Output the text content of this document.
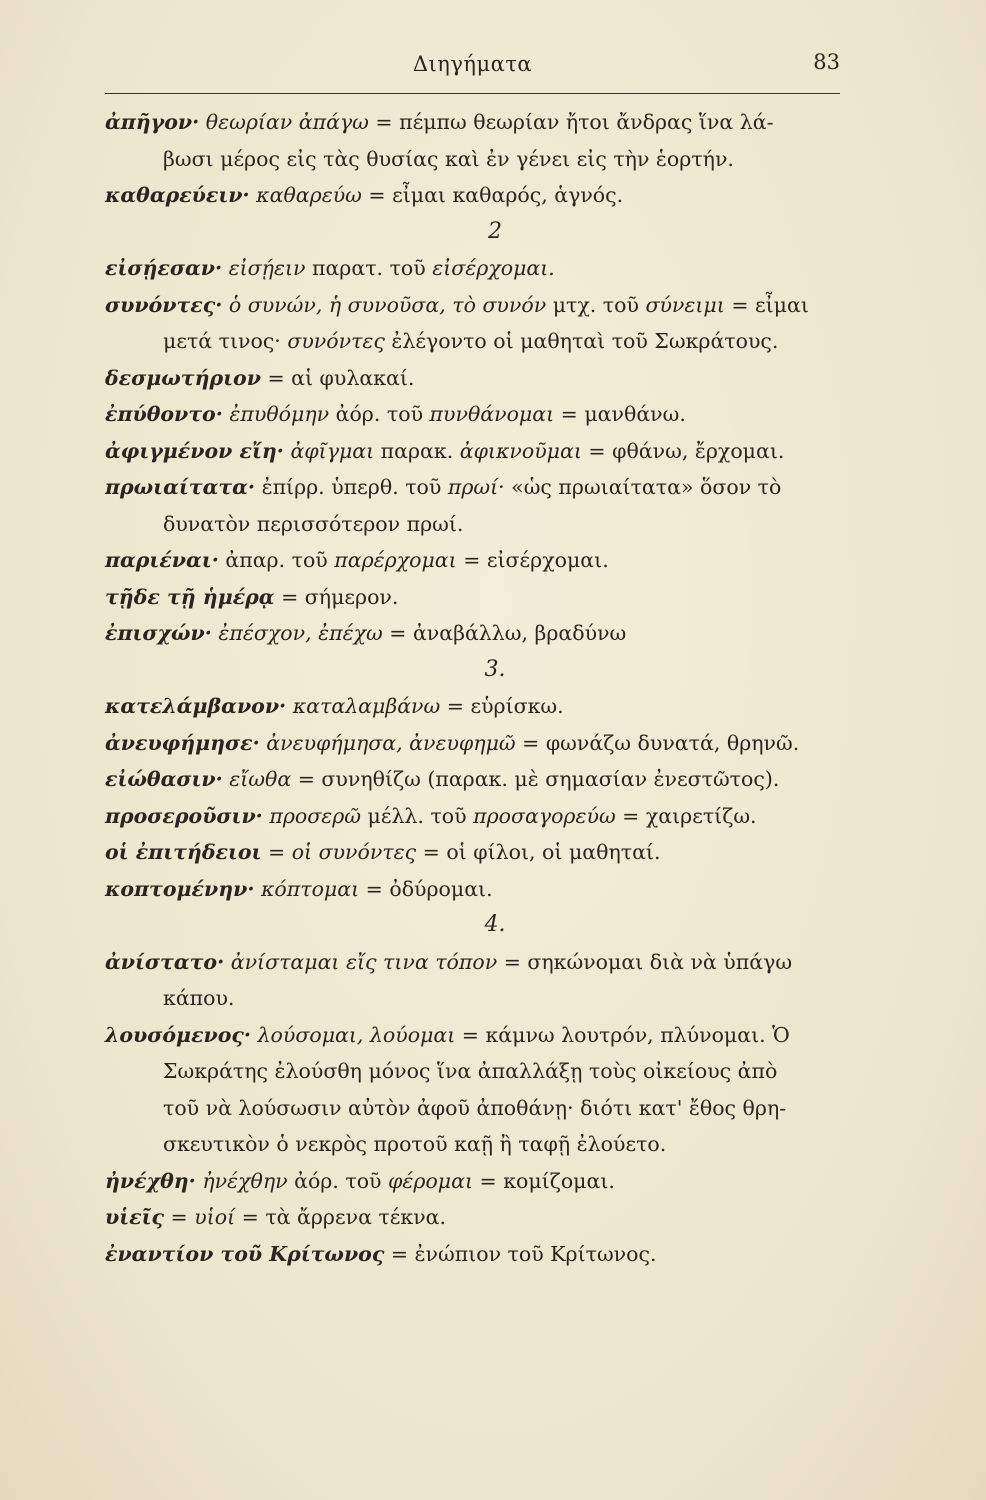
Διηγήματα	83
ἀπῆγον· θεωρίαν ἀπάγω = πέμπω θεωρίαν ἤτοι ἄνδρας ἵνα λά-
βωσι μέρος εἰς τὰς θυσίας καὶ ἐν γένει εἰς τὴν ἑορτήν.
καθαρεύειν· καθαρεύω = εἶμαι καθαρός, ἁγνός.
2
εἰσῄεσαν· εἰσῄειν παρατ. τοῦ εἰσέρχομαι.
συνόντες· ὁ συνών, ἡ συνοῦσα, τὸ συνόν μτχ. τοῦ σύνειμι = εἶμαι
μετά τινος· συνόντες ἐλέγοντο οἱ μαθηταὶ τοῦ Σωκράτους.
δεσμωτήριον = αἱ φυλακαί.
ἐπύθοντο· ἐπυθόμην ἀόρ. τοῦ πυνθάνομαι = μανθάνω.
ἀφιγμένον εἴη· ἀφῖγμαι παρακ. ἀφικνοῦμαι = φθάνω, ἔρχομαι.
πρωιαίτατα· ἐπίρρ. ὑπερθ. τοῦ πρωί· «ὡς πρωιαίτατα» ὅσον τὸ
δυνατὸν περισσότερον πρωί.
παριέναι· ἀπαρ. τοῦ παρέρχομαι = εἰσέρχομαι.
τῇδε τῇ ἡμέρᾳ = σήμερον.
ἐπισχών· ἐπέσχον, ἐπέχω = ἀναβάλλω, βραδύνω
3.
κατελάμβανον· καταλαμβάνω = εὑρίσκω.
ἀνευφήμησε· ἀνευφήμησα, ἀνευφημῶ = φωνάζω δυνατά, θρηνῶ.
εἰώθασιν· εἴωθα = συνηθίζω (παρακ. μὲ σημασίαν ἐνεστῶτος).
προσεροῦσιν· προσερῶ μέλλ. τοῦ προσαγορεύω = χαιρετίζω.
οἱ ἐπιτήδειοι = οἱ συνόντες = οἱ φίλοι, οἱ μαθηταί.
κοπτομένην· κόπτομαι = ὀδύρομαι.
4.
ἀνίστατο· ἀνίσταμαι εἴς τινα τόπον = σηκώνομαι διὰ νὰ ὑπάγω
κάπου.
λουσόμενος· λούσομαι, λούομαι = κάμνω λουτρόν, πλύνομαι. Ὁ
Σωκράτης ἐλούσθη μόνος ἵνα ἀπαλλάξῃ τοὺς οἰκείους ἀπὸ
τοῦ νὰ λούσωσιν αὐτὸν ἀφοῦ ἀποθάνῃ· διότι κατ' ἔθος θρη-
σκευτικὸν ὁ νεκρὸς προτοῦ καῇ ἢ ταφῇ ἐλούετο.
ἠνέχθη· ἠνέχθην ἀόρ. τοῦ φέρομαι = κομίζομαι.
υἱεῖς = υἱοί = τὰ ἄρρενα τέκνα.
ἐναντίον τοῦ Κρίτωνος = ἐνώπιον τοῦ Κρίτωνος.
